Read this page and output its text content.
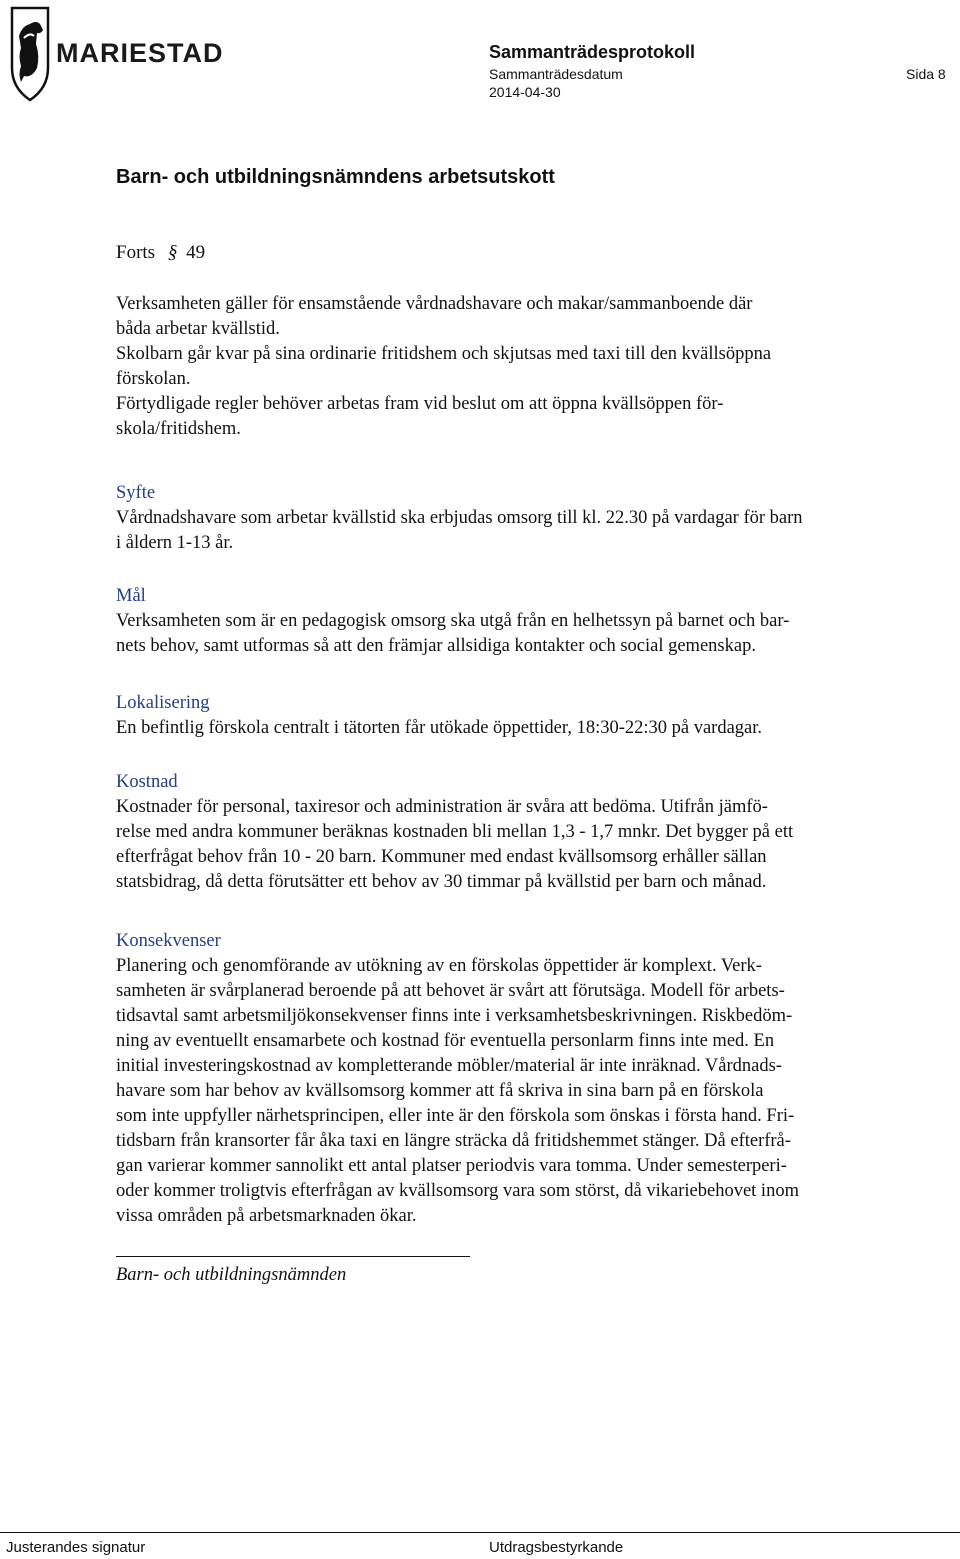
MARIESTAD	Sammanträdesprotokoll
Sammanträdesdatum
2014-04-30
Sida 8
Barn- och utbildningsnämndens arbetsutskott
Forts § 49
Verksamheten gäller för ensamstående vårdnadshavare och makar/sammanboende där
båda arbetar kvällstid.
Skolbarn går kvar på sina ordinarie fritidshem och skjutsas med taxi till den kvällsöppna
förskolan.
Förtydligade regler behöver arbetas fram vid beslut om att öppna kvällsöppen för-
skola/fritidshem.
Syfte
Vårdnadshavare som arbetar kvällstid ska erbjudas omsorg till kl. 22.30 på vardagar för barn
i åldern 1-13 år.
Mål
Verksamheten som är en pedagogisk omsorg ska utgå från en helhetssyn på barnet och bar-
nets behov, samt utformas så att den främjar allsidiga kontakter och social gemenskap.
Lokalisering
En befintlig förskola centralt i tätorten får utökade öppettider, 18:30-22:30 på vardagar.
Kostnad
Kostnader för personal, taxiresor och administration är svåra att bedöma. Utifrån jämfö-
relse med andra kommuner beräknas kostnaden bli mellan 1,3 - 1,7 mnkr. Det bygger på ett
efterfrågat behov från 10 - 20 barn. Kommuner med endast kvällsomsorg erhåller sällan
statsbidrag, då detta förutsätter ett behov av 30 timmar på kvällstid per barn och månad.
Konsekvenser
Planering och genomförande av utökning av en förskolas öppettider är komplext. Verk-
samheten är svårplanerad beroende på att behovet är svårt att förutsäga. Modell för arbets-
tidsavtal samt arbetsmiljökonsekvenser finns inte i verksamhetsbeskrivningen. Riskbedöm-
ning av eventuellt ensamarbete och kostnad för eventuella personlarm finns inte med. En
initial investeringskostnad av kompletterande möbler/material är inte inräknad. Vårdnads-
havare som har behov av kvällsomsorg kommer att få skriva in sina barn på en förskola
som inte uppfyller närhetsprincipen, eller inte är den förskola som önskas i första hand. Fri-
tidsbarn från kransorter får åka taxi en längre sträcka då fritidshemmet stänger. Då efterfrå-
gan varierar kommer sannolikt ett antal platser periodvis vara tomma. Under semesterperi-
oder kommer troligtvis efterfrågan av kvällsomsorg vara som störst, då vikariebehovet inom
vissa områden på arbetsmarknaden ökar.
Barn- och utbildningsnämnden
Justerandes signatur	Utdragsbestyrkande
